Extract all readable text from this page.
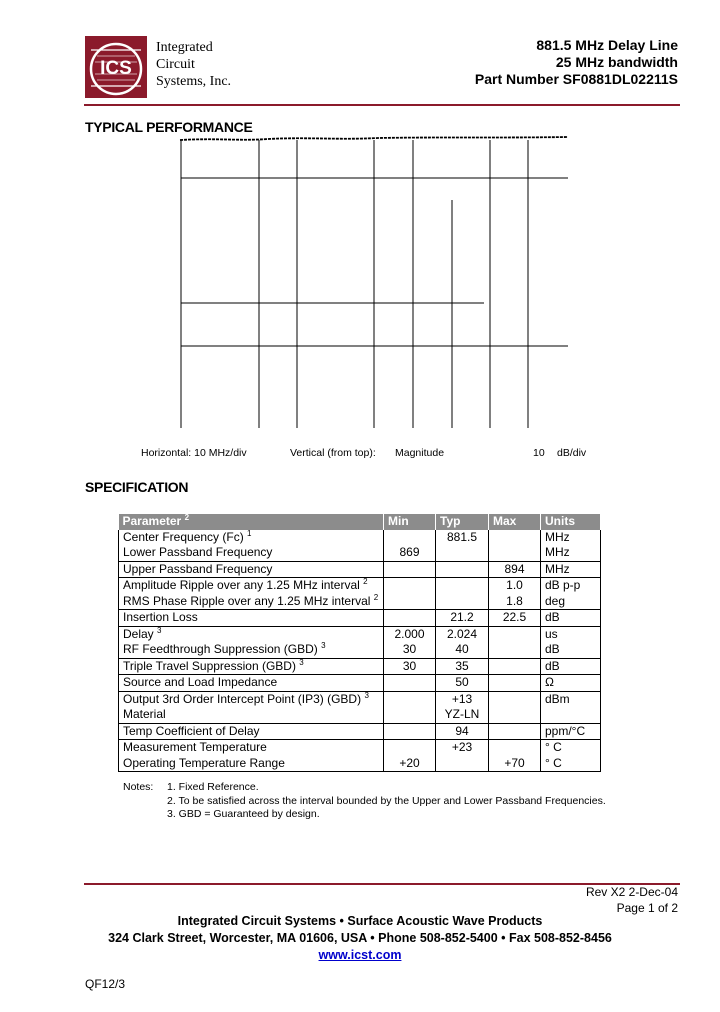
ICS
Integrated
Circuit
Systems, Inc.
881.5 MHz Delay Line
25 MHz bandwidth
Part Number SF0881DL02211S
TYPICAL PERFORMANCE
Horizontal: 10 MHz/div	Vertical (from top): Magnitude	10 dB/div
SPECIFICATION
Parameter $^2$	Min	Typ	Max	Units
Center Frequency (Fc) $^1$		881.5		MHz
Lower Passband Frequency	869			MHz
Upper Passband Frequency			894	MHz
Amplitude Ripple over any 1.25 MHz interval $^2$			1.0	dB p-p
RMS Phase Ripple over any 1.25 MHz interval $^2$			1.8	deg
Insertion Loss		21.2	22.5	dB
Delay $^3$	2.000	2.024		us
RF Feedthrough Suppression (GBD) $^3$	30	40		dB
Triple Travel Suppression (GBD) $^3$	30	35		dB
Source and Load Impedance		50		Ω
Output 3rd Order Intercept Point (IP3) (GBD) $^3$		+13		dBm
Material		YZ-LN		
Temp Coefficient of Delay		94		ppm/°C
Measurement Temperature		+23		° C
Operating Temperature Range	+20		+70	° C
Notes: 1. Fixed Reference.
2. To be satisfied across the interval bounded by the Upper and Lower Passband Frequencies.
3. GBD = Guaranteed by design.
Rev X2 2-Dec-04
Page 1 of 2
Integrated Circuit Systems • Surface Acoustic Wave Products
324 Clark Street, Worcester, MA 01606, USA • Phone 508-852-5400 • Fax 508-852-8456
www.icst.com
QF12/3
